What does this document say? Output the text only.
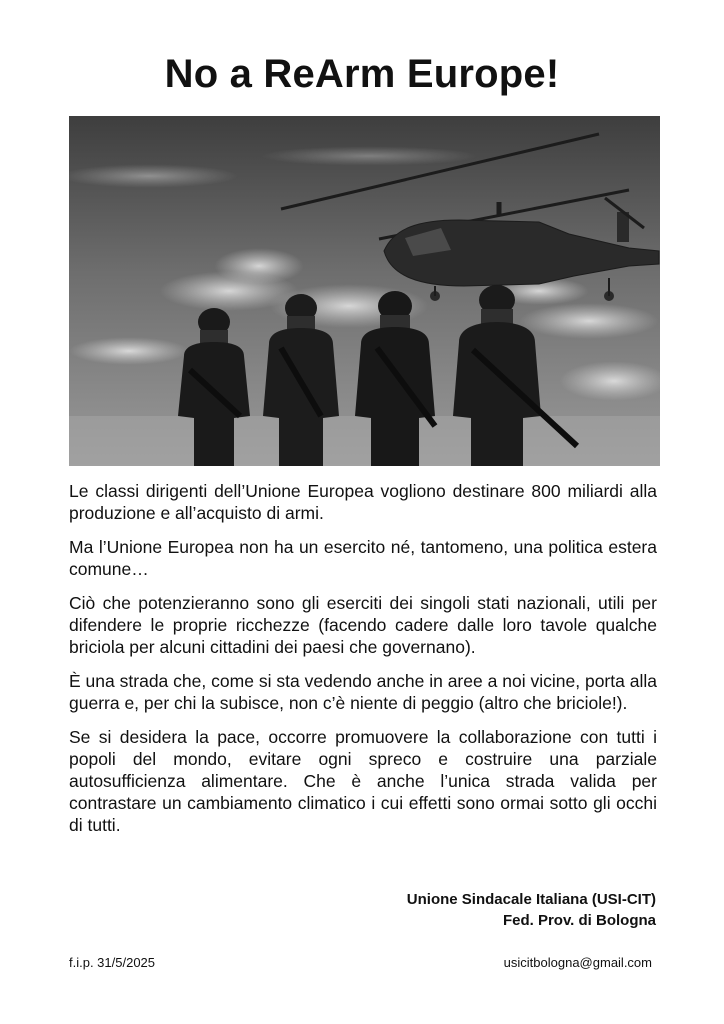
No a ReArm Europe!

Le classi dirigenti dell’Unione Europea vogliono destinare 800 miliardi alla produzione e all’acquisto di armi.

Ma l’Unione Europea non ha un esercito né, tantomeno, una politica estera comune…

Ciò che potenzieranno sono gli eserciti dei singoli stati nazionali, utili per difendere le proprie ricchezze (facendo cadere dalle loro tavole qualche briciola per alcuni cittadini dei paesi che governano).

È una strada che, come si sta vedendo anche in aree a noi vicine, porta alla guerra e, per chi la subisce, non c’è niente di peggio (altro che briciole!).

Se si desidera la pace, occorre promuovere la collaborazione con tutti i popoli del mondo, evitare ogni spreco e costruire una parziale autosufficienza alimentare. Che è anche l’unica strada valida per contrastare un cambiamento climatico i cui effetti sono ormai sotto gli occhi di tutti.

Unione Sindacale Italiana (USI-CIT)
Fed. Prov. di Bologna
f.i.p. 31/5/2025	usicitbologna@gmail.com
